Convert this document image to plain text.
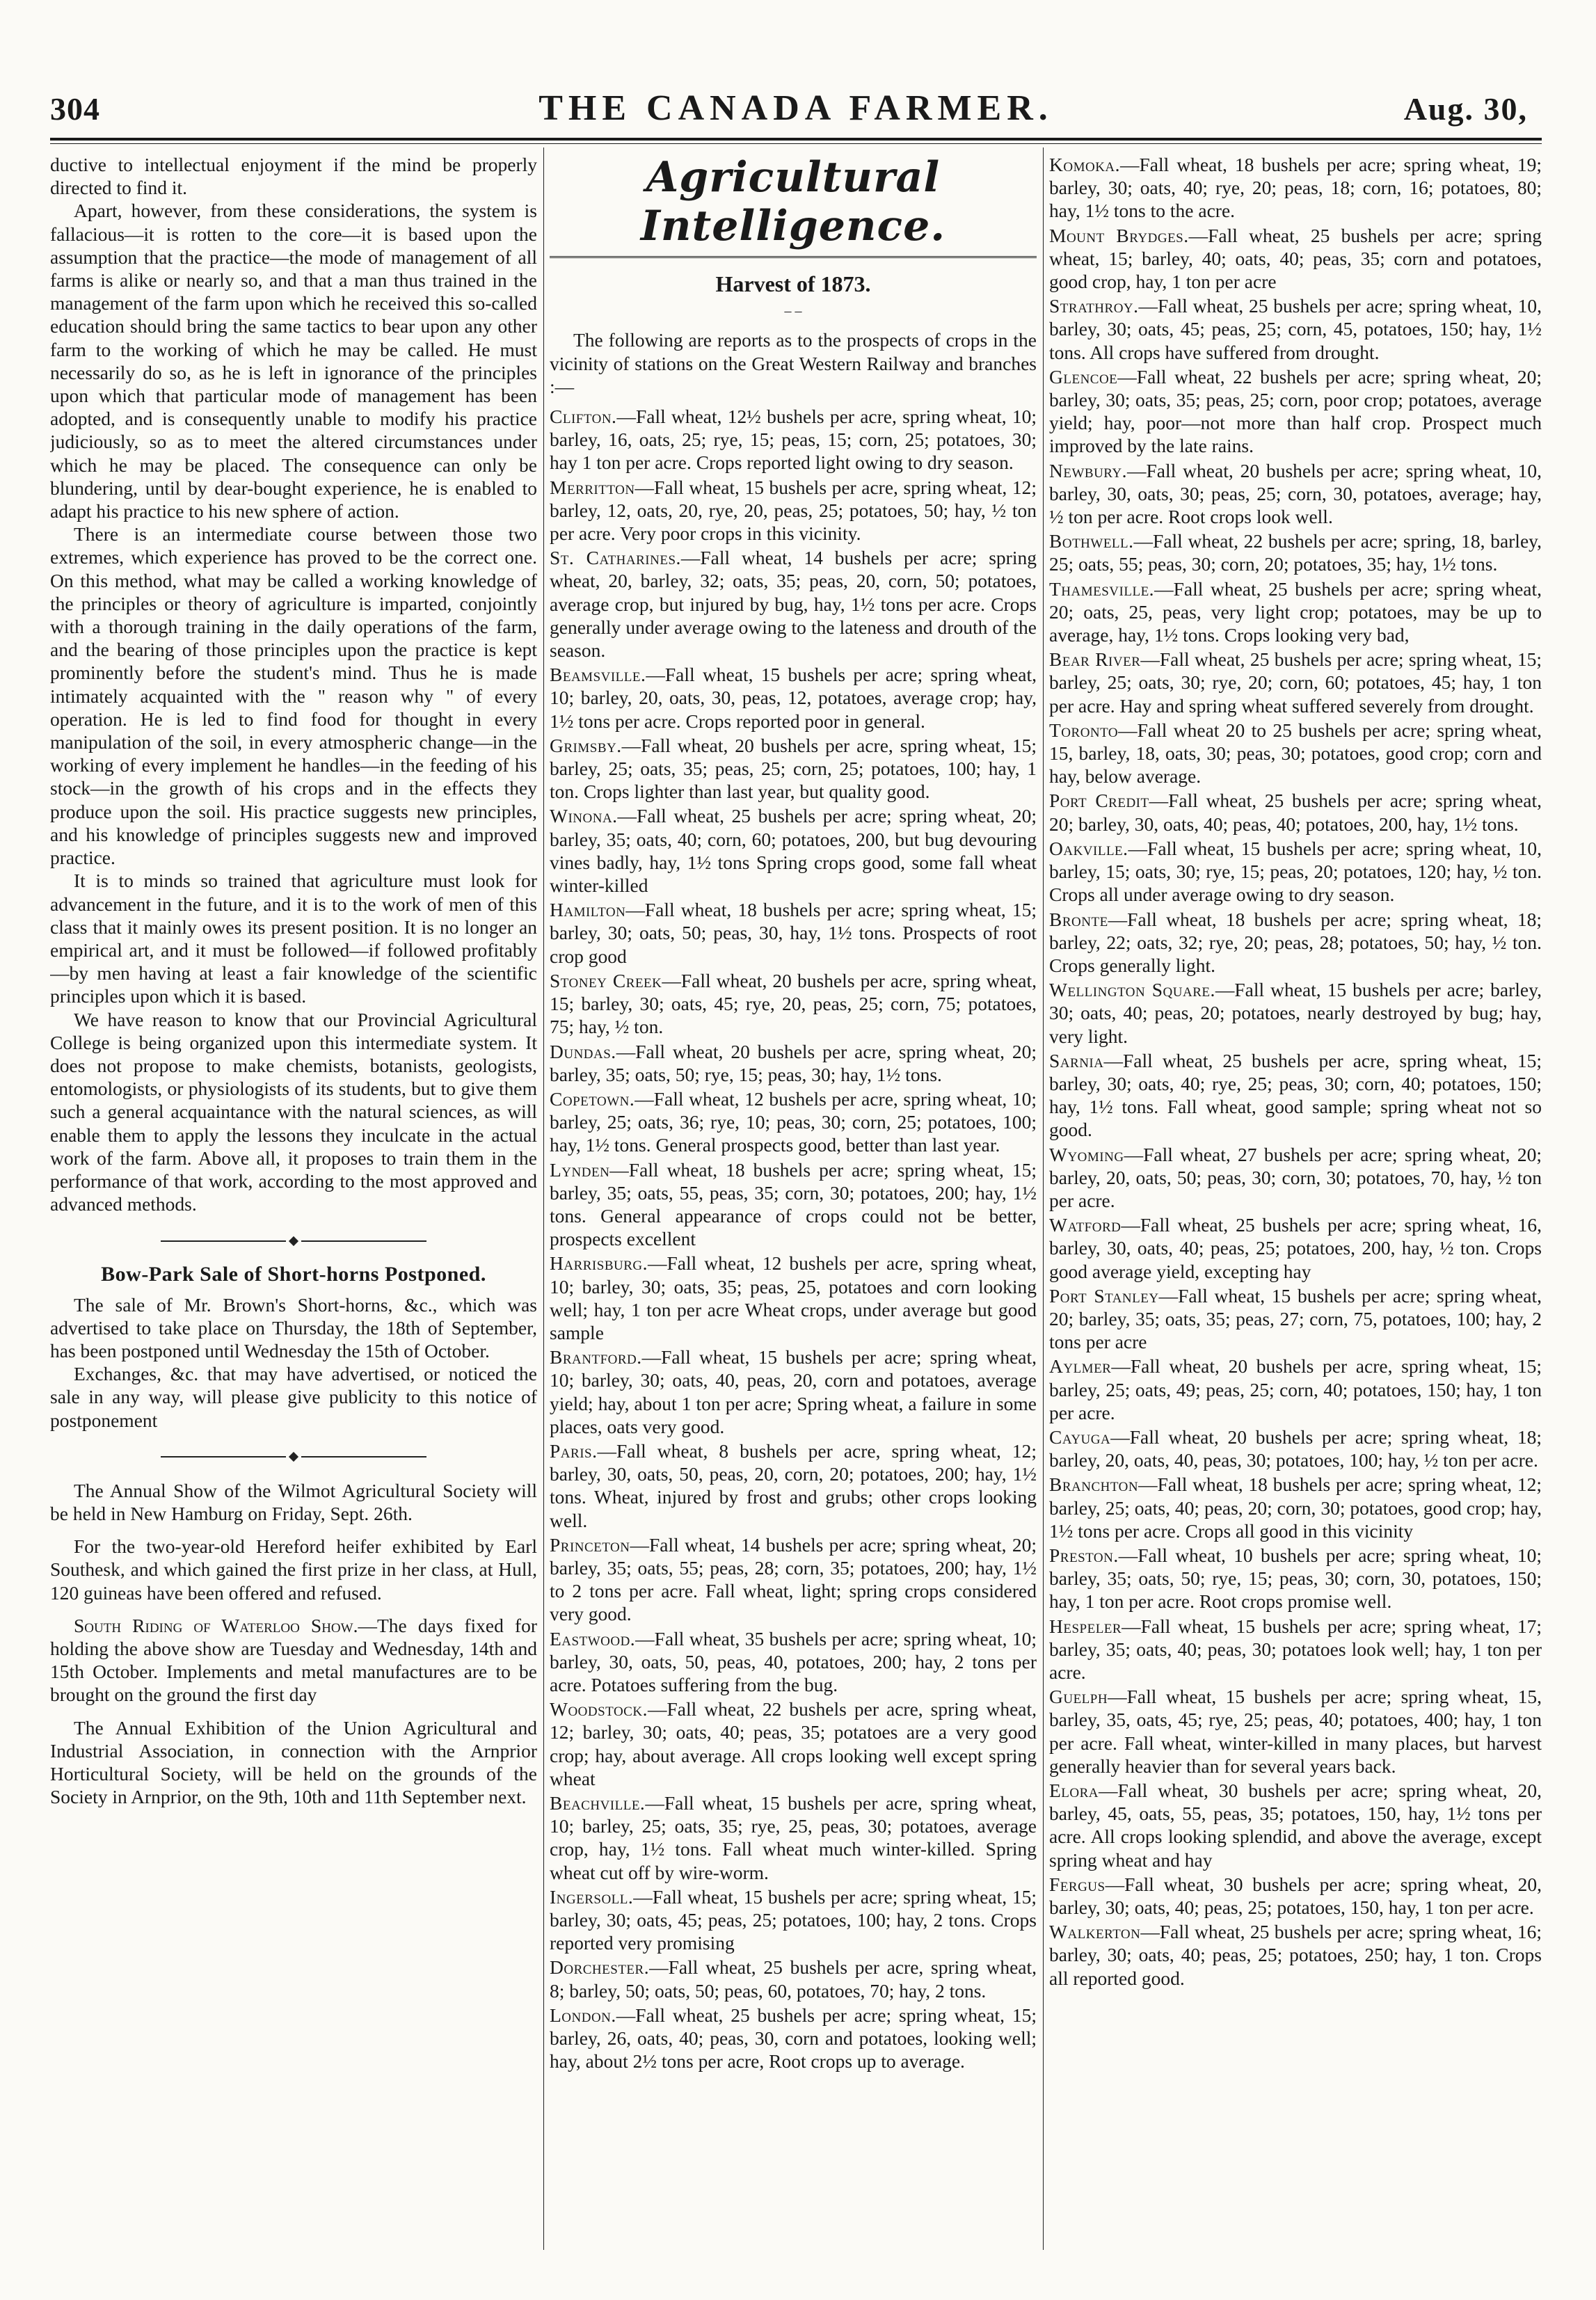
304	THE CANADA FARMER.	Aug. 30,

ductive to intellectual enjoyment if the mind be properly directed to find it.

Apart, however, from these considerations, the system is fallacious—it is rotten to the core—it is based upon the assumption that the practice—the mode of management of all farms is alike or nearly so, and that a man thus trained in the management of the farm upon which he received this so-called education should bring the same tactics to bear upon any other farm to the working of which he may be called. He must necessarily do so, as he is left in ignorance of the principles upon which that particular mode of management has been adopted, and is consequently unable to modify his practice judiciously, so as to meet the altered circumstances under which he may be placed. The consequence can only be blundering, until by dear-bought experience, he is enabled to adapt his practice to his new sphere of action.

There is an intermediate course between those two extremes, which experience has proved to be the correct one. On this method, what may be called a working knowledge of the principles or theory of agriculture is imparted, conjointly with a thorough training in the daily operations of the farm, and the bearing of those principles upon the practice is kept prominently before the student's mind. Thus he is made intimately acquainted with the " reason why " of every operation. He is led to find food for thought in every manipulation of the soil, in every atmospheric change—in the working of every implement he handles—in the feeding of his stock—in the growth of his crops and in the effects they produce upon the soil. His practice suggests new principles, and his knowledge of principles suggests new and improved practice.

It is to minds so trained that agriculture must look for advancement in the future, and it is to the work of men of this class that it mainly owes its present position. It is no longer an empirical art, and it must be followed—if followed profitably—by men having at least a fair knowledge of the scientific principles upon which it is based.

We have reason to know that our Provincial Agricultural College is being organized upon this intermediate system. It does not propose to make chemists, botanists, geologists, entomologists, or physiologists of its students, but to give them such a general acquaintance with the natural sciences, as will enable them to apply the lessons they inculcate in the actual work of the farm. Above all, it proposes to train them in the performance of that work, according to the most approved and advanced methods.

Bow-Park Sale of Short-horns Postponed.

The sale of Mr. Brown's Short-horns, &c., which was advertised to take place on Thursday, the 18th of September, has been postponed until Wednesday the 15th of October.

Exchanges, &c. that may have advertised, or noticed the sale in any way, will please give publicity to this notice of postponement

The Annual Show of the Wilmot Agricultural Society will be held in New Hamburg on Friday, Sept. 26th.

For the two-year-old Hereford heifer exhibited by Earl Southesk, and which gained the first prize in her class, at Hull, 120 guineas have been offered and refused.

South Riding of Waterloo Show.—The days fixed for holding the above show are Tuesday and Wednesday, 14th and 15th October. Implements and metal manufactures are to be brought on the ground the first day

The Annual Exhibition of the Union Agricultural and Industrial Association, in connection with the Arnprior Horticultural Society, will be held on the grounds of the Society in Arnprior, on the 9th, 10th and 11th September next.

Agricultural Intelligence.
Harvest of 1873.
– –

The following are reports as to the prospects of crops in the vicinity of stations on the Great Western Railway and branches :—

Clifton.—Fall wheat, 12½ bushels per acre, spring wheat, 10; barley, 16, oats, 25; rye, 15; peas, 15; corn, 25; potatoes, 30; hay 1 ton per acre. Crops reported light owing to dry season.

Merritton—Fall wheat, 15 bushels per acre, spring wheat, 12; barley, 12, oats, 20, rye, 20, peas, 25; potatoes, 50; hay, ½ ton per acre. Very poor crops in this vicinity.

St. Catharines.—Fall wheat, 14 bushels per acre; spring wheat, 20, barley, 32; oats, 35; peas, 20, corn, 50; potatoes, average crop, but injured by bug, hay, 1½ tons per acre. Crops generally under average owing to the lateness and drouth of the season.

Beamsville.—Fall wheat, 15 bushels per acre; spring wheat, 10; barley, 20, oats, 30, peas, 12, potatoes, average crop; hay, 1½ tons per acre. Crops reported poor in general.

Grimsby.—Fall wheat, 20 bushels per acre, spring wheat, 15; barley, 25; oats, 35; peas, 25; corn, 25; potatoes, 100; hay, 1 ton. Crops lighter than last year, but quality good.

Winona.—Fall wheat, 25 bushels per acre; spring wheat, 20; barley, 35; oats, 40; corn, 60; potatoes, 200, but bug devouring vines badly, hay, 1½ tons Spring crops good, some fall wheat winter-killed

Hamilton—Fall wheat, 18 bushels per acre; spring wheat, 15; barley, 30; oats, 50; peas, 30, hay, 1½ tons. Prospects of root crop good

Stoney Creek—Fall wheat, 20 bushels per acre, spring wheat, 15; barley, 30; oats, 45; rye, 20, peas, 25; corn, 75; potatoes, 75; hay, ½ ton.

Dundas.—Fall wheat, 20 bushels per acre, spring wheat, 20; barley, 35; oats, 50; rye, 15; peas, 30; hay, 1½ tons.

Copetown.—Fall wheat, 12 bushels per acre, spring wheat, 10; barley, 25; oats, 36; rye, 10; peas, 30; corn, 25; potatoes, 100; hay, 1½ tons. General prospects good, better than last year.

Lynden—Fall wheat, 18 bushels per acre; spring wheat, 15; barley, 35; oats, 55, peas, 35; corn, 30; potatoes, 200; hay, 1½ tons. General appearance of crops could not be better, prospects excellent

Harrisburg.—Fall wheat, 12 bushels per acre, spring wheat, 10; barley, 30; oats, 35; peas, 25, potatoes and corn looking well; hay, 1 ton per acre Wheat crops, under average but good sample

Brantford.—Fall wheat, 15 bushels per acre; spring wheat, 10; barley, 30; oats, 40, peas, 20, corn and potatoes, average yield; hay, about 1 ton per acre; Spring wheat, a failure in some places, oats very good.

Paris.—Fall wheat, 8 bushels per acre, spring wheat, 12; barley, 30, oats, 50, peas, 20, corn, 20; potatoes, 200; hay, 1½ tons. Wheat, injured by frost and grubs; other crops looking well.

Princeton—Fall wheat, 14 bushels per acre; spring wheat, 20; barley, 35; oats, 55; peas, 28; corn, 35; potatoes, 200; hay, 1½ to 2 tons per acre. Fall wheat, light; spring crops considered very good.

Eastwood.—Fall wheat, 35 bushels per acre; spring wheat, 10; barley, 30, oats, 50, peas, 40, potatoes, 200; hay, 2 tons per acre. Potatoes suffering from the bug.

Woodstock.—Fall wheat, 22 bushels per acre, spring wheat, 12; barley, 30; oats, 40; peas, 35; potatoes are a very good crop; hay, about average. All crops looking well except spring wheat

Beachville.—Fall wheat, 15 bushels per acre, spring wheat, 10; barley, 25; oats, 35; rye, 25, peas, 30; potatoes, average crop, hay, 1½ tons. Fall wheat much winter-killed. Spring wheat cut off by wire-worm.

Ingersoll.—Fall wheat, 15 bushels per acre; spring wheat, 15; barley, 30; oats, 45; peas, 25; potatoes, 100; hay, 2 tons. Crops reported very promising

Dorchester.—Fall wheat, 25 bushels per acre, spring wheat, 8; barley, 50; oats, 50; peas, 60, potatoes, 70; hay, 2 tons.

London.—Fall wheat, 25 bushels per acre; spring wheat, 15; barley, 26, oats, 40; peas, 30, corn and potatoes, looking well; hay, about 2½ tons per acre, Root crops up to average.

Komoka.—Fall wheat, 18 bushels per acre; spring wheat, 19; barley, 30; oats, 40; rye, 20; peas, 18; corn, 16; potatoes, 80; hay, 1½ tons to the acre.

Mount Brydges.—Fall wheat, 25 bushels per acre; spring wheat, 15; barley, 40; oats, 40; peas, 35; corn and potatoes, good crop, hay, 1 ton per acre

Strathroy.—Fall wheat, 25 bushels per acre; spring wheat, 10, barley, 30; oats, 45; peas, 25; corn, 45, potatoes, 150; hay, 1½ tons. All crops have suffered from drought.

Glencoe—Fall wheat, 22 bushels per acre; spring wheat, 20; barley, 30; oats, 35; peas, 25; corn, poor crop; potatoes, average yield; hay, poor—not more than half crop. Prospect much improved by the late rains.

Newbury.—Fall wheat, 20 bushels per acre; spring wheat, 10, barley, 30, oats, 30; peas, 25; corn, 30, potatoes, average; hay, ½ ton per acre. Root crops look well.

Bothwell.—Fall wheat, 22 bushels per acre; spring, 18, barley, 25; oats, 55; peas, 30; corn, 20; potatoes, 35; hay, 1½ tons.

Thamesville.—Fall wheat, 25 bushels per acre; spring wheat, 20; oats, 25, peas, very light crop; potatoes, may be up to average, hay, 1½ tons. Crops looking very bad,

Bear River—Fall wheat, 25 bushels per acre; spring wheat, 15; barley, 25; oats, 30; rye, 20; corn, 60; potatoes, 45; hay, 1 ton per acre. Hay and spring wheat suffered severely from drought.

Toronto—Fall wheat 20 to 25 bushels per acre; spring wheat, 15, barley, 18, oats, 30; peas, 30; potatoes, good crop; corn and hay, below average.

Port Credit—Fall wheat, 25 bushels per acre; spring wheat, 20; barley, 30, oats, 40; peas, 40; potatoes, 200, hay, 1½ tons.

Oakville.—Fall wheat, 15 bushels per acre; spring wheat, 10, barley, 15; oats, 30; rye, 15; peas, 20; potatoes, 120; hay, ½ ton. Crops all under average owing to dry season.

Bronte—Fall wheat, 18 bushels per acre; spring wheat, 18; barley, 22; oats, 32; rye, 20; peas, 28; potatoes, 50; hay, ½ ton. Crops generally light.

Wellington Square.—Fall wheat, 15 bushels per acre; barley, 30; oats, 40; peas, 20; potatoes, nearly destroyed by bug; hay, very light.

Sarnia—Fall wheat, 25 bushels per acre, spring wheat, 15; barley, 30; oats, 40; rye, 25; peas, 30; corn, 40; potatoes, 150; hay, 1½ tons. Fall wheat, good sample; spring wheat not so good.

Wyoming—Fall wheat, 27 bushels per acre; spring wheat, 20; barley, 20, oats, 50; peas, 30; corn, 30; potatoes, 70, hay, ½ ton per acre.

Watford—Fall wheat, 25 bushels per acre; spring wheat, 16, barley, 30, oats, 40; peas, 25; potatoes, 200, hay, ½ ton. Crops good average yield, excepting hay

Port Stanley—Fall wheat, 15 bushels per acre; spring wheat, 20; barley, 35; oats, 35; peas, 27; corn, 75, potatoes, 100; hay, 2 tons per acre

Aylmer—Fall wheat, 20 bushels per acre, spring wheat, 15; barley, 25; oats, 49; peas, 25; corn, 40; potatoes, 150; hay, 1 ton per acre.

Cayuga—Fall wheat, 20 bushels per acre; spring wheat, 18; barley, 20, oats, 40, peas, 30; potatoes, 100; hay, ½ ton per acre.

Branchton—Fall wheat, 18 bushels per acre; spring wheat, 12; barley, 25; oats, 40; peas, 20; corn, 30; potatoes, good crop; hay, 1½ tons per acre. Crops all good in this vicinity

Preston.—Fall wheat, 10 bushels per acre; spring wheat, 10; barley, 35; oats, 50; rye, 15; peas, 30; corn, 30, potatoes, 150; hay, 1 ton per acre. Root crops promise well.

Hespeler—Fall wheat, 15 bushels per acre; spring wheat, 17; barley, 35; oats, 40; peas, 30; potatoes look well; hay, 1 ton per acre.

Guelph—Fall wheat, 15 bushels per acre; spring wheat, 15, barley, 35, oats, 45; rye, 25; peas, 40; potatoes, 400; hay, 1 ton per acre. Fall wheat, winter-killed in many places, but harvest generally heavier than for several years back.

Elora—Fall wheat, 30 bushels per acre; spring wheat, 20, barley, 45, oats, 55, peas, 35; potatoes, 150, hay, 1½ tons per acre. All crops looking splendid, and above the average, except spring wheat and hay

Fergus—Fall wheat, 30 bushels per acre; spring wheat, 20, barley, 30; oats, 40; peas, 25; potatoes, 150, hay, 1 ton per acre.

Walkerton—Fall wheat, 25 bushels per acre; spring wheat, 16; barley, 30; oats, 40; peas, 25; potatoes, 250; hay, 1 ton. Crops all reported good.
